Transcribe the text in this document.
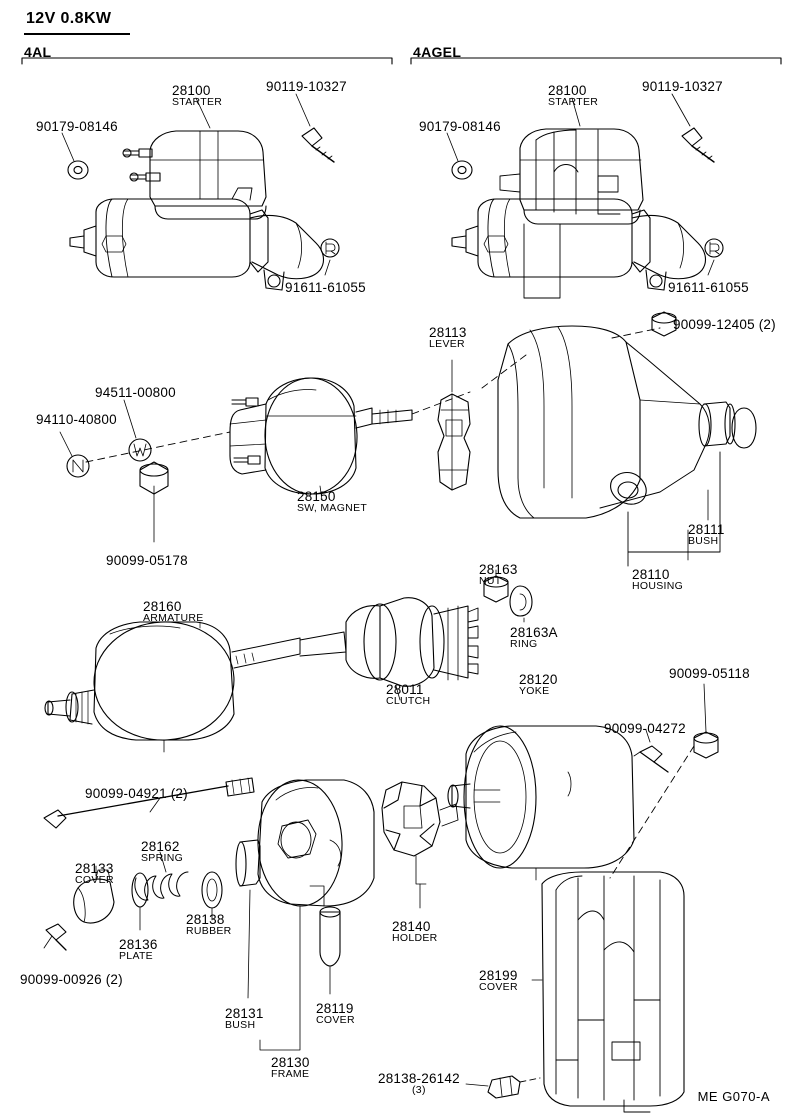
12V 0.8KW
4AL	4AGEL
90179-08146
28100
STARTER
90119-10327
91611-61055
90179-08146
28100
STARTER
90119-10327
91611-61055
28113
LEVER
90099-12405 (2)
94511-00800
94110-40800
28150
SW, MAGNET
90099-05178
28111
BUSH
28110
HOUSING
28163
NUT
28163A
RING
28160
ARMATURE
28011
CLUTCH
28120
YOKE
90099-04272
90099-05118
90099-04921 (2)
28162
SPRING
28133
COVER
28138
RUBBER
28136
PLATE
90099-00926 (2)
28140
HOLDER
28131
BUSH
28119
COVER
28130
FRAME
28199
COVER
28138-26142
(3)	ME G070-A
